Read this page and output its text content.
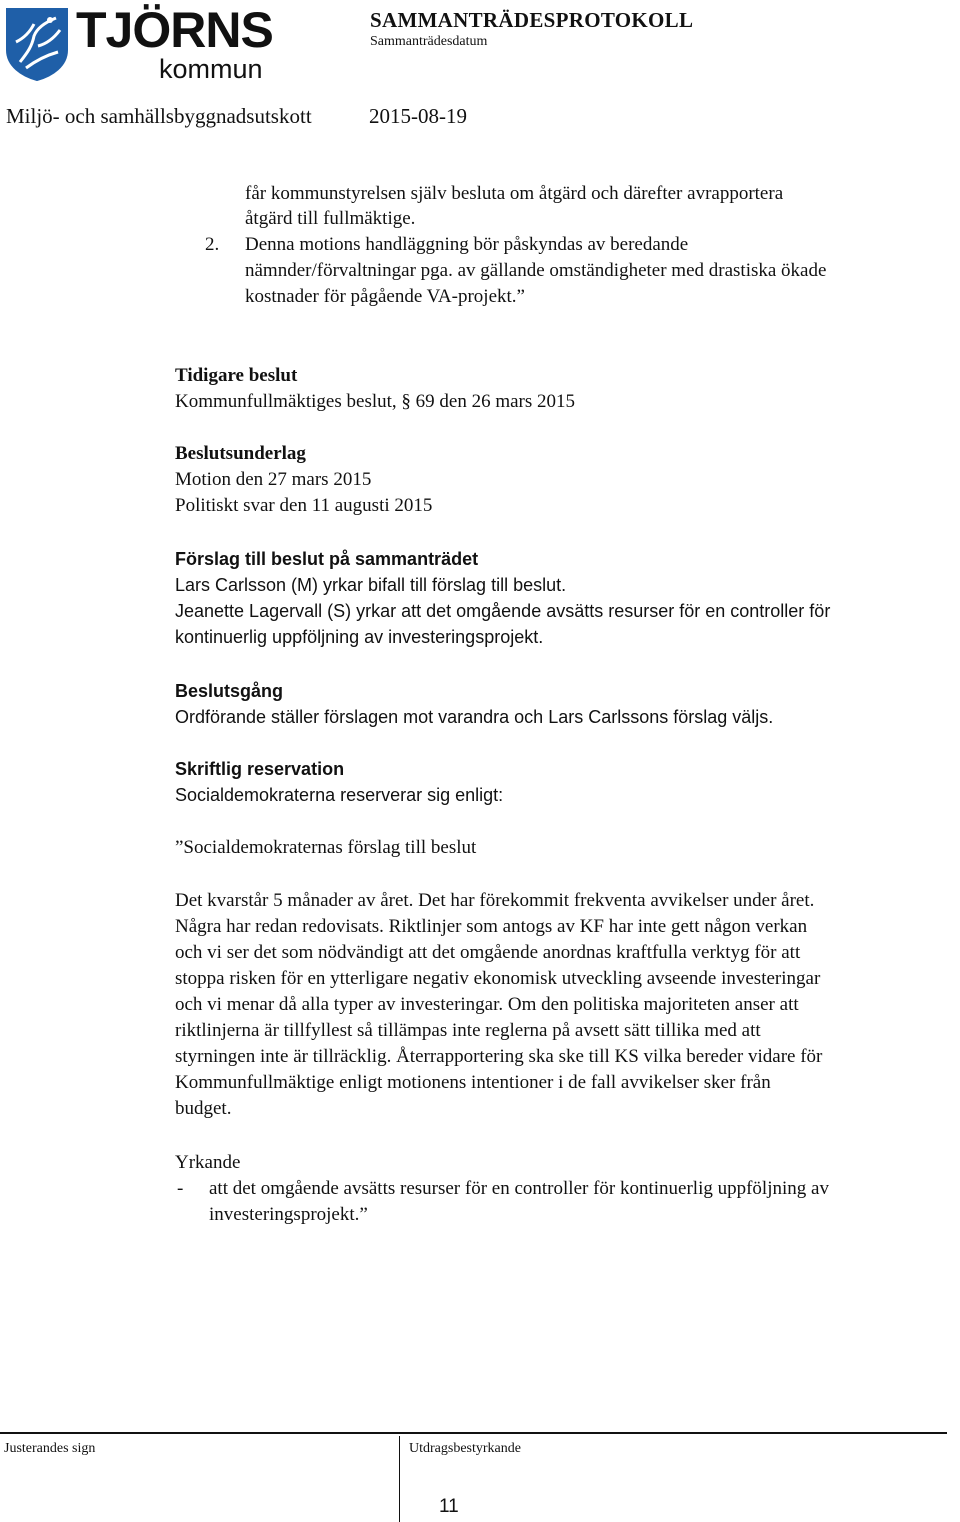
TJÖRNS
kommun
SAMMANTRÄDESPROTOKOLL
Sammanträdesdatum
Miljö- och samhällsbyggnadsutskott	2015-08-19
får kommunstyrelsen själv besluta om åtgärd och därefter avrapportera
åtgärd till fullmäktige.
2. Denna motions handläggning bör påskyndas av beredande
nämnder/förvaltningar pga. av gällande omständigheter med drastiska ökade
kostnader för pågående VA-projekt.”
Tidigare beslut
Kommunfullmäktiges beslut, § 69 den 26 mars 2015
Beslutsunderlag
Motion den 27 mars 2015
Politiskt svar den 11 augusti 2015
Förslag till beslut på sammanträdet
Lars Carlsson (M) yrkar bifall till förslag till beslut.
Jeanette Lagervall (S) yrkar att det omgående avsätts resurser för en controller för
kontinuerlig uppföljning av investeringsprojekt.
Beslutsgång
Ordförande ställer förslagen mot varandra och Lars Carlssons förslag väljs.
Skriftlig reservation
Socialdemokraterna reserverar sig enligt:
”Socialdemokraternas förslag till beslut
Det kvarstår 5 månader av året. Det har förekommit frekventa avvikelser under året.
Några har redan redovisats. Riktlinjer som antogs av KF har inte gett någon verkan
och vi ser det som nödvändigt att det omgående anordnas kraftfulla verktyg för att
stoppa risken för en ytterligare negativ ekonomisk utveckling avseende investeringar
och vi menar då alla typer av investeringar. Om den politiska majoriteten anser att
riktlinjerna är tillfyllest så tillämpas inte reglerna på avsett sätt tillika med att
styrningen inte är tillräcklig. Återrapportering ska ske till KS vilka bereder vidare för
Kommunfullmäktige enligt motionens intentioner i de fall avvikelser sker från
budget.
Yrkande
- att det omgående avsätts resurser för en controller för kontinuerlig uppföljning av
investeringsprojekt.”
Justerandes sign	Utdragsbestyrkande
11
